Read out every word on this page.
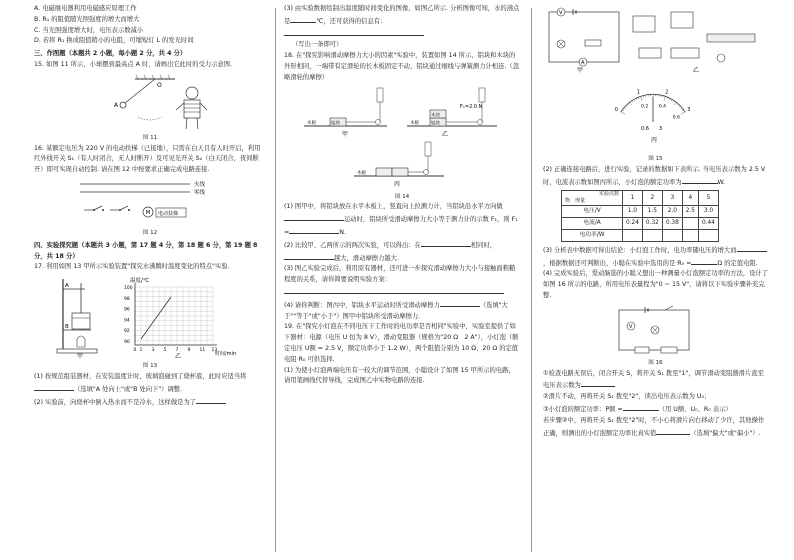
A. 电磁继电器利用电磁感应原理工作

B. R₁ 的阻值随光照强度的增大而增大

C. 当光照强度增大时，电压表示数减小

D. 若将 R₁ 换成阻值稍小的电阻，可缩短灯 L 的发光时间

三、作图题（本题共 2 小题，每小题 2 分，共 4 分）

15. 如图 11 所示，小球摆到最高点 A 时，请画出它此时的受力示意图.

A
O

图 11

16. 某额定电压为 220 V 的电动扶梯（已接地），只需在白天且有人时开启，利用红外线开关 S₁（有人时闭合，无人时断开）及可见光开关 S₂（白天闭合，夜间断开）即可实现自动控制. 请在图 12 中按要求正确完成电路连接.

火线
零线
M 电动扶梯

图 12

四、实验探究题（本题共 3 小题，第 17 题 4 分，第 18 题 6 分，第 19 题 8 分，共 18 分）

17. 利用如图 13 甲所示实验装置"探究水沸腾时温度变化的特点"实验.

A
B
100
98
96
94
92
90
0 1 3 5 7 9 11 13
温度/℃
时间/min
甲	乙

图 13

(1) 按规范组装器材，在安装温度计时，玻璃泡碰到了烧杯底，此时应适当将（选填"A 处向上"或"B 处向下"）调整.

(2) 实验前，向烧杯中倒入热水而不是冷水，这样做是为了

(3) 由实验数据绘制出温度随时间变化的图像，如图乙所示. 分析图像可知，水的沸点是	℃，还可获得的信息有：

（写出一条即可）

18. 在"探究影响滑动摩擦力大小的因素"实验中，装置如图 14 所示，铝块和木块的外形相同，一端带有定滑轮的长木板固定不动，铝块通过细线与弹簧测力计相连.（忽略滑轮的摩擦）

铝块
木板
甲
木块
铝块
F₁=2.0 N
木板
乙
木板
丙

图 14

(1) 图甲中，将铝块放在水平木板上，竖直向上拉测力计，当铝块沿水平方向做运动时，铝块所受滑动摩擦力大小等于测力计的示数 F₁，则 F₁ =	N.

(2) 比较甲、乙两所示的两次实验，可以得出：在	相同时，越大，滑动摩擦力越大.

(3) 图乙实验完成后，利用原有器材，还可进一步探究滑动摩擦力大小与接触面粗糙程度的关系，请你简要说明实验方案：

(4) 请你判断：图丙中，铝块水平运动时所受滑动摩擦力	（选填"大于""等于"或"小于"）图甲中铝块所受滑动摩擦力.

19. 在"探究小灯泡在不同电压下工作时的电功率是否相同"实验中，实验室提供了如下器材：电源（电压 U 恒为 8 V），滑动变阻器（规格为"20 Ω　2 A"），小灯泡（额定电压 U额 = 2.5 V，额定功率小于 1.2 W），两个阻值分别为 10 Ω、20 Ω 的定值电阻 R₀ 可供选择.

(1) 为使小灯泡两端电压有一较大的调节范围，小聪设计了如图 15 甲所示的电路，请用笔画线代替导线，完成图乙中实物电路的连接.

V
A
甲	乙
0
1	2
3
0.2 0.4
0.6
0.6 3
丙

图 15

(2) 正确连接电路后，进行实验，记录的数据如下表所示. 当电压表示数为 2.5 V 时，电流表示数如图丙所示，小灯泡的额定功率为	W.

实验次数
物　理量	1	2	3	4	5
电压/V	1.0	1.5	2.0	2.5	3.0
电流/A	0.24	0.32	0.38		0.44
电功率/W					

(3) 分析表中数据可得出结论：小灯泡工作时，电功率随电压的增大而，根据数据还可判断出，小聪在实验中选用的是 R₀ =	Ω 的定值电阻.

(4) 完成实验后，爱动脑筋的小聪又想出一种测量小灯泡额定功率的方法，设计了如图 16 所示的电路，所用电压表量程为"0 ~ 15 V"，请将以下实验步骤补充完整.

V

图 16

①检查电路无误后，闭合开关 S，将开关 S₁ 拨至"1"，调节滑动变阻器滑片直至电压表示数为

②滑片不动，再将开关 S₁ 拨至"2"，读出电压表示数为 U₀；

③小灯泡的额定功率：P额 =	（用 U额、U₀、R₀ 表示）

若步骤②中，再将开关 S₁ 拨至"2"时，不小心将滑片向右移动了少许，其他操作正确，则测出的小灯泡额定功率比真实值	（选填"偏大"或"偏小"）.
